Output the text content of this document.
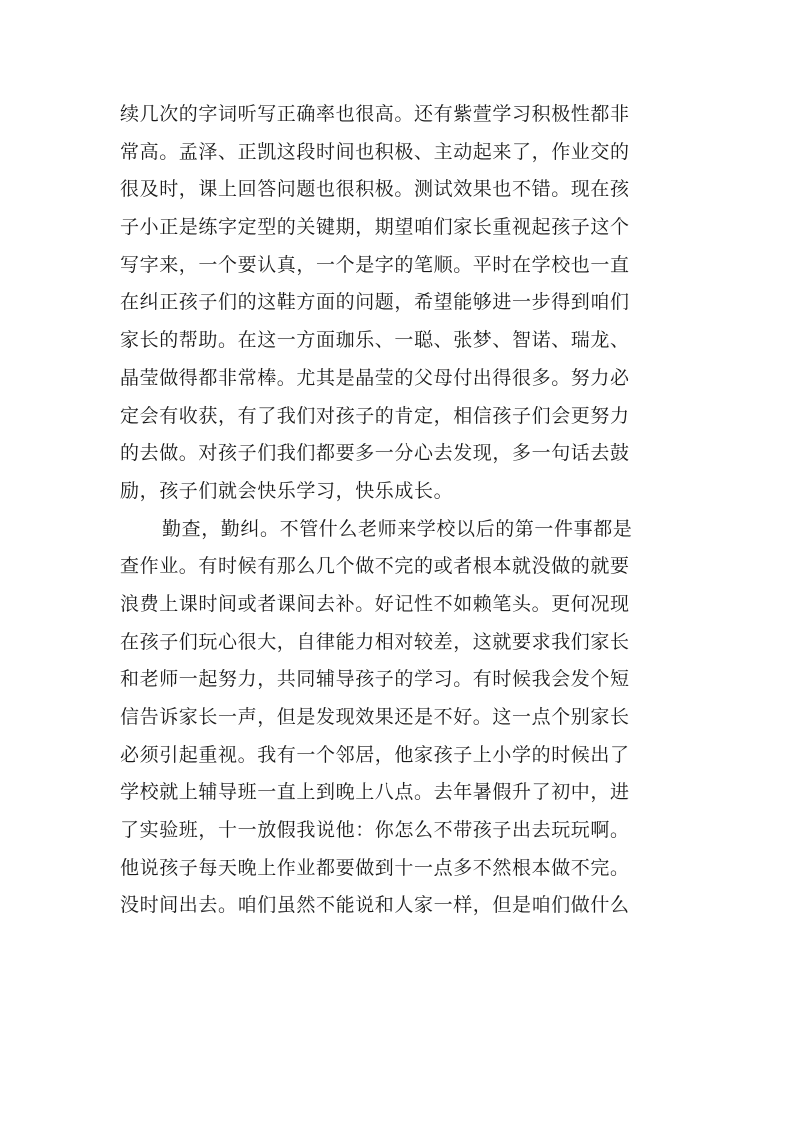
续几次的字词听写正确率也很高。还有紫萱学习积极性都非
常高。孟泽、正凯这段时间也积极、主动起来了，作业交的
很及时，课上回答问题也很积极。测试效果也不错。现在孩
子小正是练字定型的关键期，期望咱们家长重视起孩子这个
写字来，一个要认真，一个是字的笔顺。平时在学校也一直
在纠正孩子们的这鞋方面的问题，希望能够进一步得到咱们
家长的帮助。在这一方面珈乐、一聪、张梦、智诺、瑞龙、
晶莹做得都非常棒。尤其是晶莹的父母付出得很多。努力必
定会有收获，有了我们对孩子的肯定，相信孩子们会更努力
的去做。对孩子们我们都要多一分心去发现，多一句话去鼓
励，孩子们就会快乐学习，快乐成长。
勤查，勤纠。不管什么老师来学校以后的第一件事都是
查作业。有时候有那么几个做不完的或者根本就没做的就要
浪费上课时间或者课间去补。好记性不如赖笔头。更何况现
在孩子们玩心很大，自律能力相对较差，这就要求我们家长
和老师一起努力，共同辅导孩子的学习。有时候我会发个短
信告诉家长一声，但是发现效果还是不好。这一点个别家长
必须引起重视。我有一个邻居，他家孩子上小学的时候出了
学校就上辅导班一直上到晚上八点。去年暑假升了初中，进
了实验班，十一放假我说他：你怎么不带孩子出去玩玩啊。
他说孩子每天晚上作业都要做到十一点多不然根本做不完。
没时间出去。咱们虽然不能说和人家一样，但是咱们做什么
